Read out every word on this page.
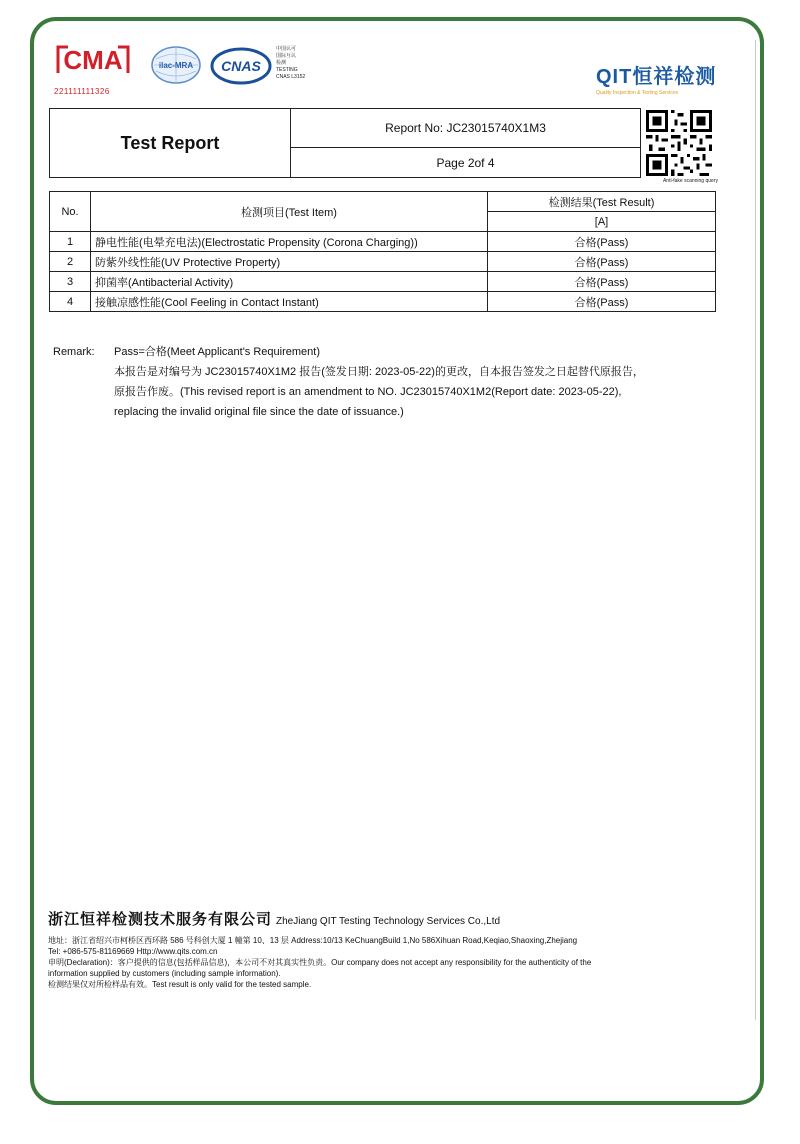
CMA
221111111326
ilac-MRA CNAS
中国认可
国际互认
检测
TESTING
CNAS L3152	QIT恒祥检测
Quality Inspection & Testing Services
Test Report
Report No: JC23015740X1M3
Page 2of 4
Anti-fake scanning query
No.	检测项目(Test Item)	检测结果(Test Result)
		[A]
1	静电性能(电晕充电法)(Electrostatic Propensity (Corona Charging))	合格(Pass)
2	防紫外线性能(UV Protective Property)	合格(Pass)
3	抑菌率(Antibacterial Activity)	合格(Pass)
4	接触凉感性能(Cool Feeling in Contact Instant)	合格(Pass)
Remark: Pass=合格(Meet Applicant's Requirement)
本报告是对编号为 JC23015740X1M2 报告(签发日期: 2023-05-22)的更改，自本报告签发之日起替代原报告，
原报告作废。(This revised report is an amendment to NO. JC23015740X1M2(Report date: 2023-05-22),
replacing the invalid original file since the date of issuance.)
浙江恒祥检测技术服务有限公司 ZheJiang QIT Testing Technology Services Co.,Ltd
地址：浙江省绍兴市柯桥区西环路 586 号科创大厦 1 幢第 10、13 层 Address:10/13 KeChuangBuild 1,No 586Xihuan Road,Keqiao,Shaoxing,Zhejiang
Tel: +086-575-81169669 Http://www.qits.com.cn
申明(Declaration)：客户提供的信息(包括样品信息)，本公司不对其真实性负责。Our company does not accept any responsibility for the authenticity of the
information supplied by customers (including sample information).
检测结果仅对所检样品有效。Test result is only valid for the tested sample.
